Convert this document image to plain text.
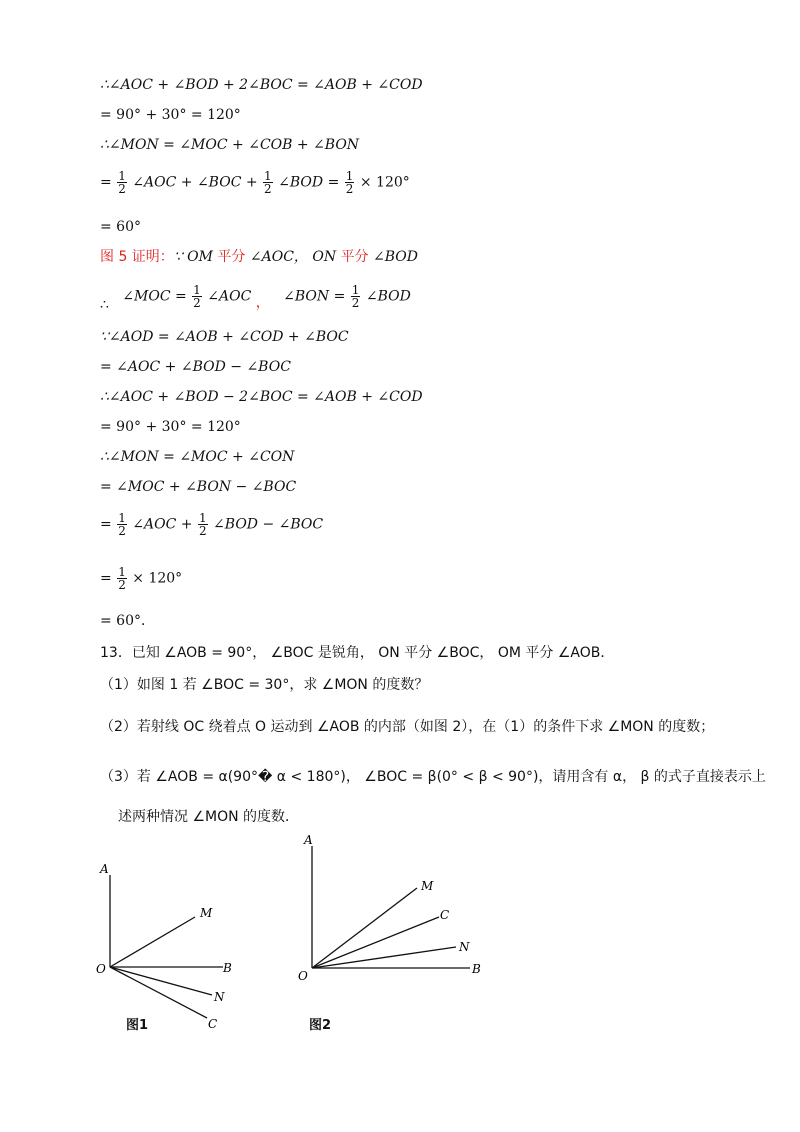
∴∠AOC + ∠BOD + 2∠BOC = ∠AOB + ∠COD
= 90° + 30° = 120°
∴∠MON = ∠MOC + ∠COB + ∠BON
= $\frac{1}{2}$ ∠AOC + ∠BOC + $\frac{1}{2}$ ∠BOD = $\frac{1}{2} \times 120^\circ$
= 60°
图 5 证明：∵ OM 平分 ∠AOC， ON 平分 ∠BOD
∴ ∠MOC = $\frac{1}{2}$ ∠AOC ， ∠BON = $\frac{1}{2}$ ∠BOD
∵∠AOD = ∠AOB + ∠COD + ∠BOC
= ∠AOC + ∠BOD − ∠BOC
∴∠AOC + ∠BOD − 2∠BOC = ∠AOB + ∠COD
= 90° + 30° = 120°
∴∠MON = ∠MOC + ∠CON
= ∠MOC + ∠BON − ∠BOC
= $\frac{1}{2}$ ∠AOC + $\frac{1}{2}$ ∠BOD − ∠BOC
= $\frac{1}{2} \times 120^\circ$
= 60°．
13．已知 ∠AOB = 90°， ∠BOC 是锐角， ON 平分 ∠BOC， OM 平分 ∠AOB．
（1）如图 1 若 ∠BOC = 30°，求 ∠MON 的度数？
（2）若射线 OC 绕着点 O 运动到 ∠AOB 的内部（如图 2），在（1）的条件下求 ∠MON 的度数；
（3）若 ∠AOB = α(90°� α < 180°)， ∠BOC = β(0° < β < 90°)，请用含有 α， β 的式子直接表示上
述两种情况 ∠MON 的度数．
A
M
B
N
C
O
图1
A
M
C
N
B
O
图2
